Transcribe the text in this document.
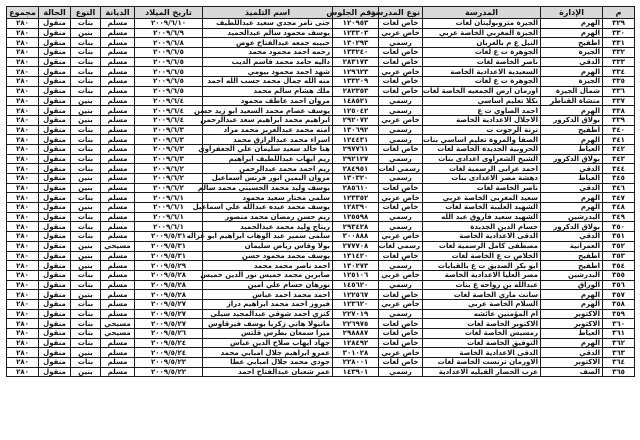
م	الإدارة	المدرسة	نوع المدرسة	رقم الجلوس	اسم التلميذ	تاريخ الميلاد	الديانة	النوع	الحالة	مجموع
٣٢٩	الهرم	الجيزة متروبوليتان لغات	خاص لغات	١٢٠٩٥٣	جنى تامر مجدي سعيد عبداللطيف	٢٠٠٩/٦/١٠	مسلم	بنات	منقول	٢٨٠
٣٣٠	الهرم	الجيزة المغربي الخاصة عربي	خاص عربي	١٢٣٣٠٣	يوسف محمود سالم عبدالحميد	٢٠٠٩/٦/٩	مسلم	بنين	منقول	٢٨٠
٣٣١	اطفيح	النيل ع م بالعربان	رسمي	١٣٠٢٩٣	حبيبه جمعه عبدالفتاح عوض	٢٠٠٩/٦/٨	مسلم	بنات	منقول	٢٨٠
٣٣٢	الجيزة	الجوهرة ت ع لغات	خاص لغات	١٣٣٢٤٠	رحمه احمد محمود محمد	٢٠٠٩/٦/٥	مسلم	بنات	منقول	٢٨٠
٣٣٣	الدقي	ناصر الخاصة لغات	خاص لغات	٢٨٣١٧٣	داليه حامد محمد قاسم الديب	٢٠٠٩/٦/٥	مسلم	بنات	منقول	٢٨٠
٣٣٤	الهرم	السعيدية الاعدادية الخاصة	خاص عربي	١٢٩٦٢٣	شهد احمد محمود بيومي	٢٠٠٩/٦/٥	مسلم	بنات	منقول	٢٨٠
٣٣٥	الجيزة	الجوهرة ت ع لغات	خاص لغات	١٣٣٢٠٩	منه الله جمال محمد حسب الله احمد	٢٠٠٩/٦/٥	مسلم	بنات	منقول	٢٨٠
٣٣٦	شمال الجيزة	اورمان ارض الجمعيه الخاصة لغات	خاص لغات	٢٨٢٣٥٣	ملك هشام سالم محمد	٢٠٠٩/٦/٥	مسلم	بنات	منقول	٢٨٠
٣٣٧	منشاة القناطر	نكلا تعليم اساسي	رسمي	١٤٨٥٢١	مروان احمد عاطف محمود	٢٠٠٩/٦/٤	مسلم	بنين	منقول	٢٨٠
٣٣٨	الهرم	احمد الصاوي ت ع	رسمي	١٢٥٠٤٢	يوسف عصام محمد السعيد ابو زيد حسن	٢٠٠٩/٦/٤	مسلم	بنين	منقول	٢٨٠
٣٣٩	بولاق الدكرور	الاجلال الاعدادية الخاصة	خاص عربي	٢٩٢٠٧٢	ابراهيم محمد ابراهيم سعد عبدالرحمن	٢٠٠٩/٦/٤	مسلم	بنين	منقول	٢٨٠
٣٤٠	اطفيح	ترنة الرجوت ت	رسمي	١٣٠٦٩٢	امنه محمد عبدالعزيز محمد مراد	٢٠٠٩/٦/٣	مسلم	بنات	منقول	٢٨٠
٣٤١	الهرم	الصفا والمروة تعليم اساسي بنات	رسمي	١٢٤٤٣١	اسراء محمد عبدالرازق محمد	٢٠٠٩/٦/٣	مسلم	بنات	منقول	٢٨٠
٣٤٢	العياط	الحروبية الجديدة الخاصة لغات	خاص لغات	٢٩٧٧٦١	هنا خالد سعيد سليمان علي الجعفراوي	٢٠٠٩/٦/٣	مسلم	بنات	منقول	٢٨٠
٣٤٣	بولاق الدكرور	الشيخ الشعراوى اعدادى بنات	رسمي	٢٩٢١٢٧	ريم ايهاب عبداللطيف ابراهيم	٢٠٠٩/٦/٣	مسلم	بنات	منقول	٢٨٠
٣٤٤	الدقي	احمد عرابى الرسمية لغات	رسمي لغات	٢٨٤٩٥١	ريم احمد محمد عبدالرحمن	٢٠٠٩/٦/٢	مسلم	بنات	منقول	٢٨٠
٣٤٥	العياط	دهشة مصر الاعدادى بنات	رسمي	١٣٠٣٢٠	مروان اليمين انور فرنس اسماعيل	٢٠٠٩/٦/٢	مسلم	بنين	منقول	٢٨٠
٣٤٦	الدقي	ناصر الخاصة لغات	خاص لغات	٢٨٥٦١٠	يوسف وليد محمد الحسيني محمد سالم	٢٠٠٩/٦/٢	مسلم	بنين	منقول	٢٨٠
٣٤٧	الهرم	سعيد المغربي الخاصة عربي	خاص عربي	١٢٣٣٥٢	سلمى مختار سعيد محمود	٢٠٠٩/٦/١	مسلم	بنات	منقول	٢٨٠
٣٤٨	الهرم	الشهيد العليبة الخاصة لغات	خاص لغات	١٢٨٣٩٠	يوسف محمد عبده عبدالله علي اسماعيل	٢٠٠٩/٦/١	مسلم	بنين	منقول	٢٨٠
٣٤٩	البدرشين	الشهيد سعيد فاروق عبد الله	رسمي	١٢٥٥٩٨	ريم حسن رمضان محمد منصور	٢٠٠٩/٦/١	مسلم	بنات	منقول	٢٨٠
٣٥٠	بولاق الدكرور	حسام الدين الجديدة	رسمي	٢٩٣٤٢٨	ريتاج وليد محمد عبدالحميد	٢٠٠٩/٦/١	مسلم	بنات	منقول	٢٨٠
٣٥١	الدقي	الدقى الاعدادية الخاصة	خاص عربي	٣٠٠٨٨٨	سلمى سمير عبد الوهاب ابراهيم ابو غزاله	٢٠٠٩/٥/٣١	مسلم	بنات	منقول	٢٨٠
٣٥٢	العمرانية	مصطفى كامل الرسمية لغات	رسمي لغات	٢٧٧٧٠٨	بولا وقاس رياض سليمان	٢٠٠٩/٥/٣١	مسيحي	بنين	منقول	٢٨٠
٣٥٣	اطفيح	الخلاص ت ع الخاصة لغات	خاص لغات	١٣١٤٢٠	يوسف محمد محمود حسن	٢٠٠٩/٥/٣١	مسلم	بنين	منقول	٢٨٠
٣٥٤	اطفيح	ابو بكر الصديق ت ع بالقبابات	رسمي	١٣٠٢٧٣	احمد ناصر محمد محمد	٢٠٠٩/٥/٢٩	مسلم	بنين	منقول	٢٨٠
٣٥٥	البدرشين	مصر العليا الاعدادية الخاصة	خاص عربي	١٢٥١٠٦	صابرين محمد خميس نور الدين خميس	٢٠٠٩/٥/٢٨	مسلم	بنات	منقول	٢٨٠
٣٥٦	الوراق	عبدالله بن رواحه ع بنات	رسمي	١٤٥٦٢٠	نورهان حسام علي امين	٢٠٠٩/٥/٢٨	مسلم	بنات	منقول	٢٨٠
٣٥٧	الهرم	سانت ماري الخاصة لغات	خاص لغات	١٢٢٥٦٧	احمد محمد احمد عباس	٢٠٠٩/٥/٢٨	مسلم	بنين	منقول	٢٨٠
٣٥٨	الهرم	السلام الخاصة عربي	خاص عربي	١٢٣٦٢٠	فيروز احمد محمد ابراهيم دراز	٢٠٠٩/٥/٢٧	مسلم	بنات	منقول	٢٨٠
٣٥٩	الاكتوبر	ام المؤمنين عائشه	رسمي	٢٢٧٠١٩	كنزي احمد شوقي عبدالمجيد سيلي	٢٠٠٩/٥/٢٧	مسلم	بنات	منقول	٢٨٠
٣٦٠	الاكتوبر	الاكتوبر الخاصة لغات	خاص لغات	٢٢٦٩٧٥	ماتيولا هاني زكريا يوسف فيرقاوس	٢٠٠٩/٥/٢٧	مسيحي	بنات	منقول	٢٨٠
٣٦١	العياط	رمسيس الخاصة لغات	خاص لغات	٢٩٨٨٨٧	ميرا سمعان بطرس قلتس	٢٠٠٩/٥/٢٦	مسيحي	بنات	منقول	٢٨٠
٣٦٢	الهرم	التوفيق الخاصة لغات	خاص لغات	١٢٨٤٩٢	جهاد ايهاب صلاح الدين عباس	٢٠٠٩/٥/٢٤	مسلم	بنات	منقول	٢٨٠
٣٦٣	الدقي	الدقى الاعدادية الخاصة	خاص عربي	٣٠١٠٢٨	عمرو ابراهيم جلال امبابي محمد	٢٠٠٩/٥/٢٤	مسلم	بنين	منقول	٢٨٠
٣٦٤	الاكتوبر	الاورمان ترنست الخاصة لغات	خاص لغات	٢٢٨٠٠١	جودي محمد جلال امبابي عطا	٢٠٠٩/٥/٢٢	مسلم	بنات	منقول	٢٨٠
٣٦٥	الصف	عرب الحصار القبليه الاعدادية	رسمي	١٤٣٩٠١	عمر شعبان عبدالفتاح احمد	٢٠٠٩/٥/٢٢	مسلم	بنين	منقول	٢٨٠
